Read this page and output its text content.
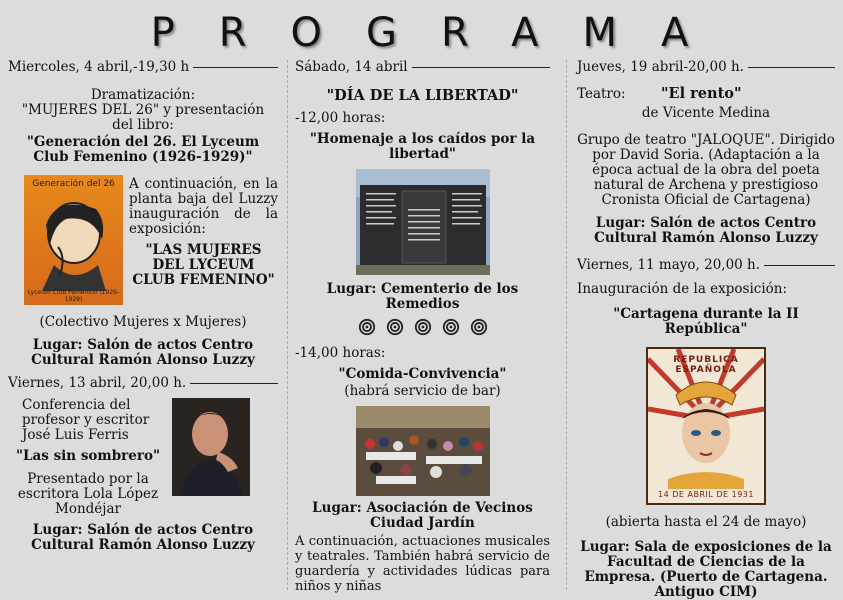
PROGRAMA
Miercoles, 4 abril,-19,30 h
Dramatización:
"MUJERES DEL 26" y presentación
del libro:
"Generación del 26. El Lyceum Club Femenino (1926-1929)"
Generación del 26
Lyceum Club Femenino (1926-1929)
A continuación, en la planta baja del Luzzy inauguración de la exposición:
"LAS MUJERES DEL LYCEUM CLUB FEMENINO"
(Colectivo Mujeres x Mujeres)
Lugar: Salón de actos Centro Cultural Ramón Alonso Luzzy
Viernes, 13 abril, 20,00 h.
Conferencia del profesor y escritor José Luis Ferris
"Las sin sombrero"
Presentado por la escritora Lola López Mondéjar
Lugar: Salón de actos Centro Cultural Ramón Alonso Luzzy
Sábado, 14 abril
"DÍA DE LA LIBERTAD"
-12,00 horas:
"Homenaje a los caídos por la libertad"
Lugar: Cementerio de los Remedios
-14,00 horas:
"Comida-Convivencia"
(habrá servicio de bar)
Lugar: Asociación de Vecinos Ciudad Jardín
A continuación, actuaciones musicales y teatrales. También habrá servicio de guardería y actividades lúdicas para niños y niñas
Jueves, 19 abril-20,00 h.
Teatro:	"El rento"
de Vicente Medina
Grupo de teatro "JALOQUE". Dirigido por David Soria. (Adaptación a la época actual de la obra del poeta natural de Archena y prestigioso Cronista Oficial de Cartagena)
Lugar: Salón de actos Centro Cultural Ramón Alonso Luzzy
Viernes, 11 mayo, 20,00 h.
Inauguración de la exposición:
"Cartagena durante la II República"
REPUBLICA ESPAÑOLA
14 DE ABRIL DE 1931
(abierta hasta el 24 de mayo)
Lugar: Sala de exposiciones de la Facultad de Ciencias de la Empresa. (Puerto de Cartagena. Antiguo CIM)
